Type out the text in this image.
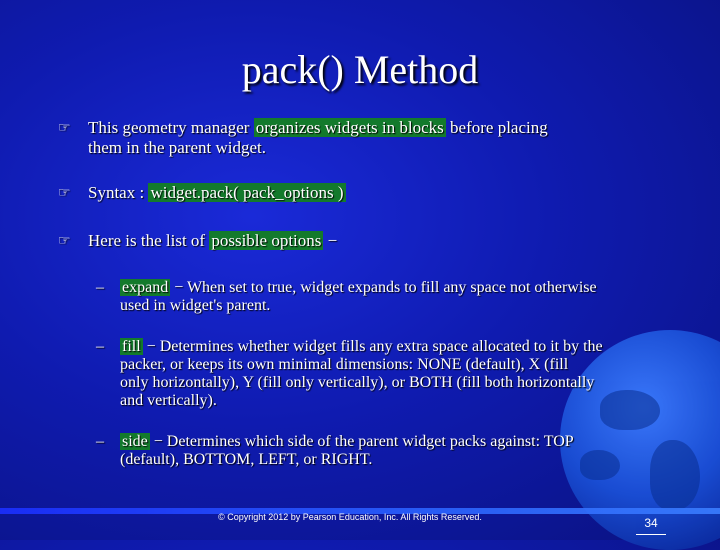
pack() Method
☞	This geometry manager organizes widgets in blocks before placing
them in the parent widget.
☞	Syntax : widget.pack( pack_options )
☞	Here is the list of possible options −
– expand − When set to true, widget expands to fill any space not otherwise
used in widget's parent.
– fill − Determines whether widget fills any extra space allocated to it by the
packer, or keeps its own minimal dimensions: NONE (default), X (fill
only horizontally), Y (fill only vertically), or BOTH (fill both horizontally
and vertically).
– side − Determines which side of the parent widget packs against: TOP
(default), BOTTOM, LEFT, or RIGHT.
© Copyright 2012 by Pearson Education, Inc. All Rights Reserved.	34
